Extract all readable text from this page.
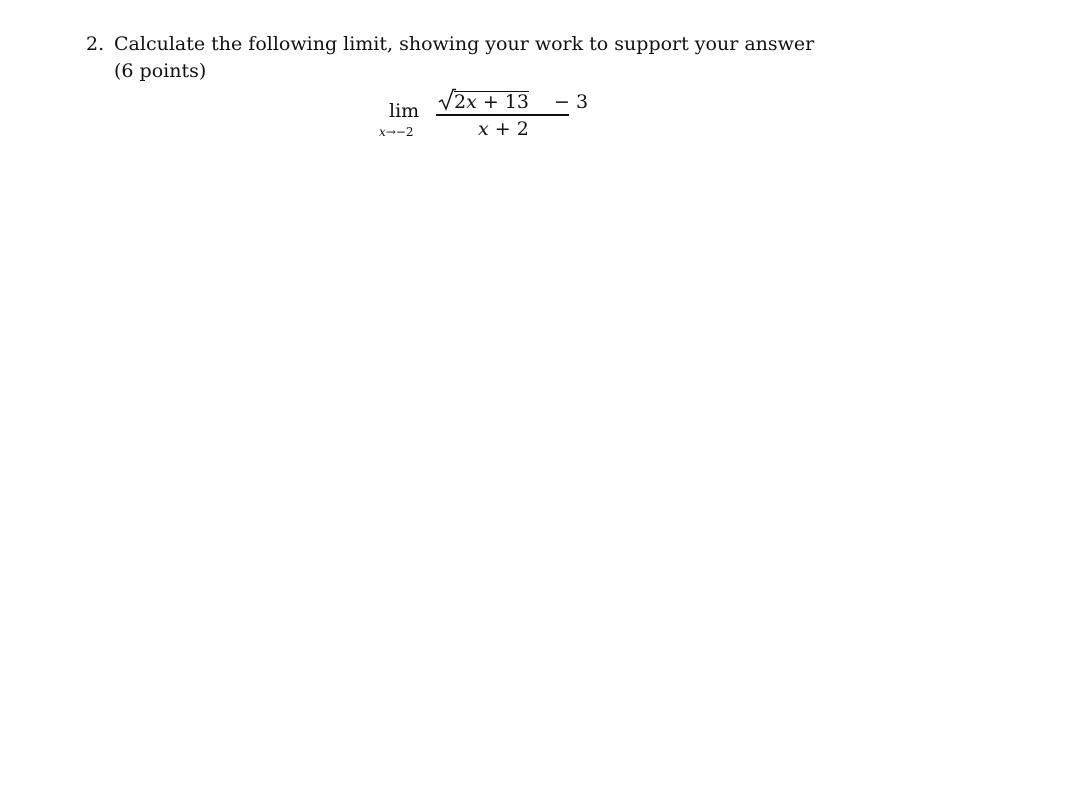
2. Calculate the following limit, showing your work to support your answer
(6 points)
lim
x→−2
2x + 13 − 3
x + 2
